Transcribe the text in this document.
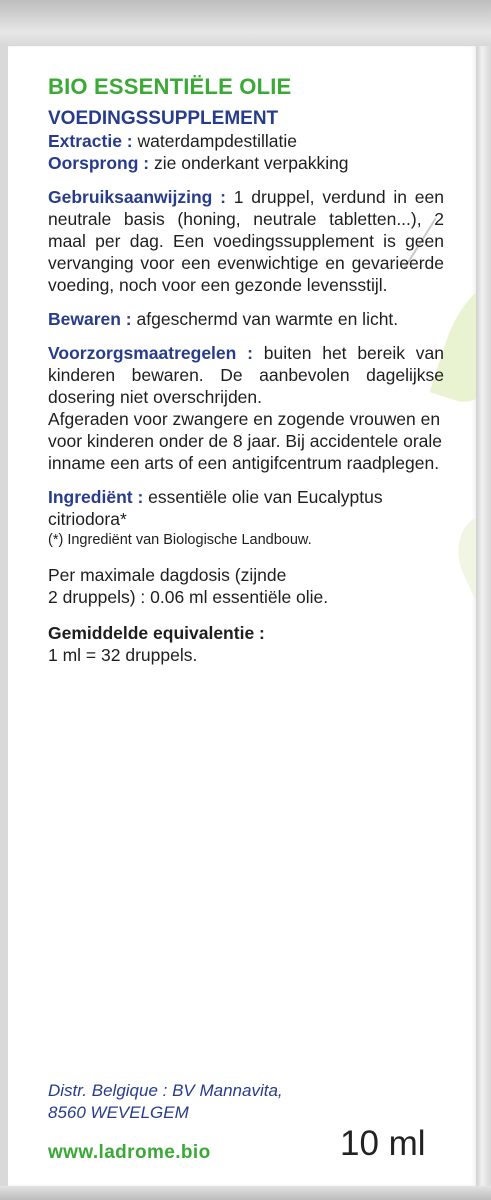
BIO ESSENTIËLE OLIE

VOEDINGSSUPPLEMENT

Extractie : waterdampdestillatie

Oorsprong : zie onderkant verpakking

Gebruiksaanwijzing : 1 druppel, verdund in een neutrale basis (honing, neutrale tabletten...), 2 maal per dag. Een voedingssupplement is geen vervanging voor een evenwichtige en gevarieerde voeding, noch voor een gezonde levensstijl.

Bewaren : afgeschermd van warmte en licht.

Voorzorgsmaatregelen : buiten het bereik van kinderen bewaren. De aanbevolen dagelijkse dosering niet overschrijden.

Afgeraden voor zwangere en zogende vrouwen en voor kinderen onder de 8 jaar. Bij accidentele orale inname een arts of een antigifcentrum raadplegen.

Ingrediënt : essentiële olie van Eucalyptus citriodora*

(*) Ingrediënt van Biologische Landbouw.

Per maximale dagdosis (zijnde

2 druppels) : 0.06 ml essentiële olie.

Gemiddelde equivalentie :

1 ml = 32 druppels.

Distr. Belgique : BV Mannavita,
8560 WEVELGEM
www.ladrome.bio	10 ml
